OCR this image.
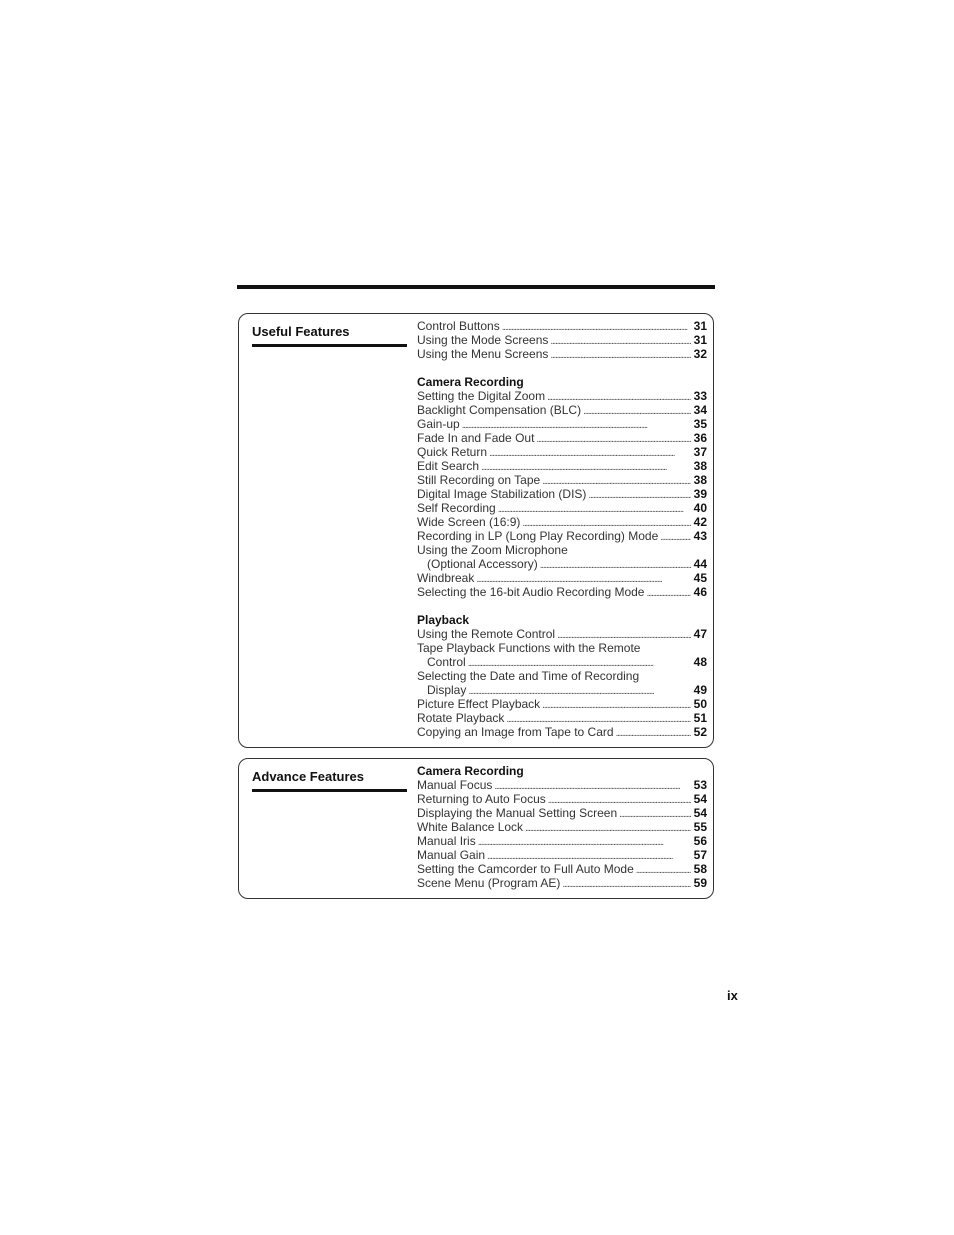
Useful Features	Control Buttons . . .	31
Using the Mode Screens . . .	31
Using the Menu Screens . . .	32
Camera Recording
Setting the Digital Zoom . . .	33
Backlight Compensation (BLC) . . .	34
Gain-up . . .	35
Fade In and Fade Out . . .	36
Quick Return . . .	37
Edit Search . . .	38
Still Recording on Tape . . .	38
Digital Image Stabilization (DIS) . . .	39
Self Recording . . .	40
Wide Screen (16:9) . . .	42
Recording in LP (Long Play Recording) Mode . . .	43
Using the Zoom Microphone
(Optional Accessory) . . .	44
Windbreak . . .	45
Selecting the 16-bit Audio Recording Mode . . .	46
Playback
Using the Remote Control . . .	47
Tape Playback Functions with the Remote
Control . . .	48
Selecting the Date and Time of Recording
Display . . .	49
Picture Effect Playback . . .	50
Rotate Playback . . .	51
Copying an Image from Tape to Card . . .	52
Advance Features	Camera Recording
Manual Focus . . .	53
Returning to Auto Focus . . .	54
Displaying the Manual Setting Screen . . .	54
White Balance Lock . . .	55
Manual Iris . . .	56
Manual Gain . . .	57
Setting the Camcorder to Full Auto Mode . . .	58
Scene Menu (Program AE) . . .	59
ix
